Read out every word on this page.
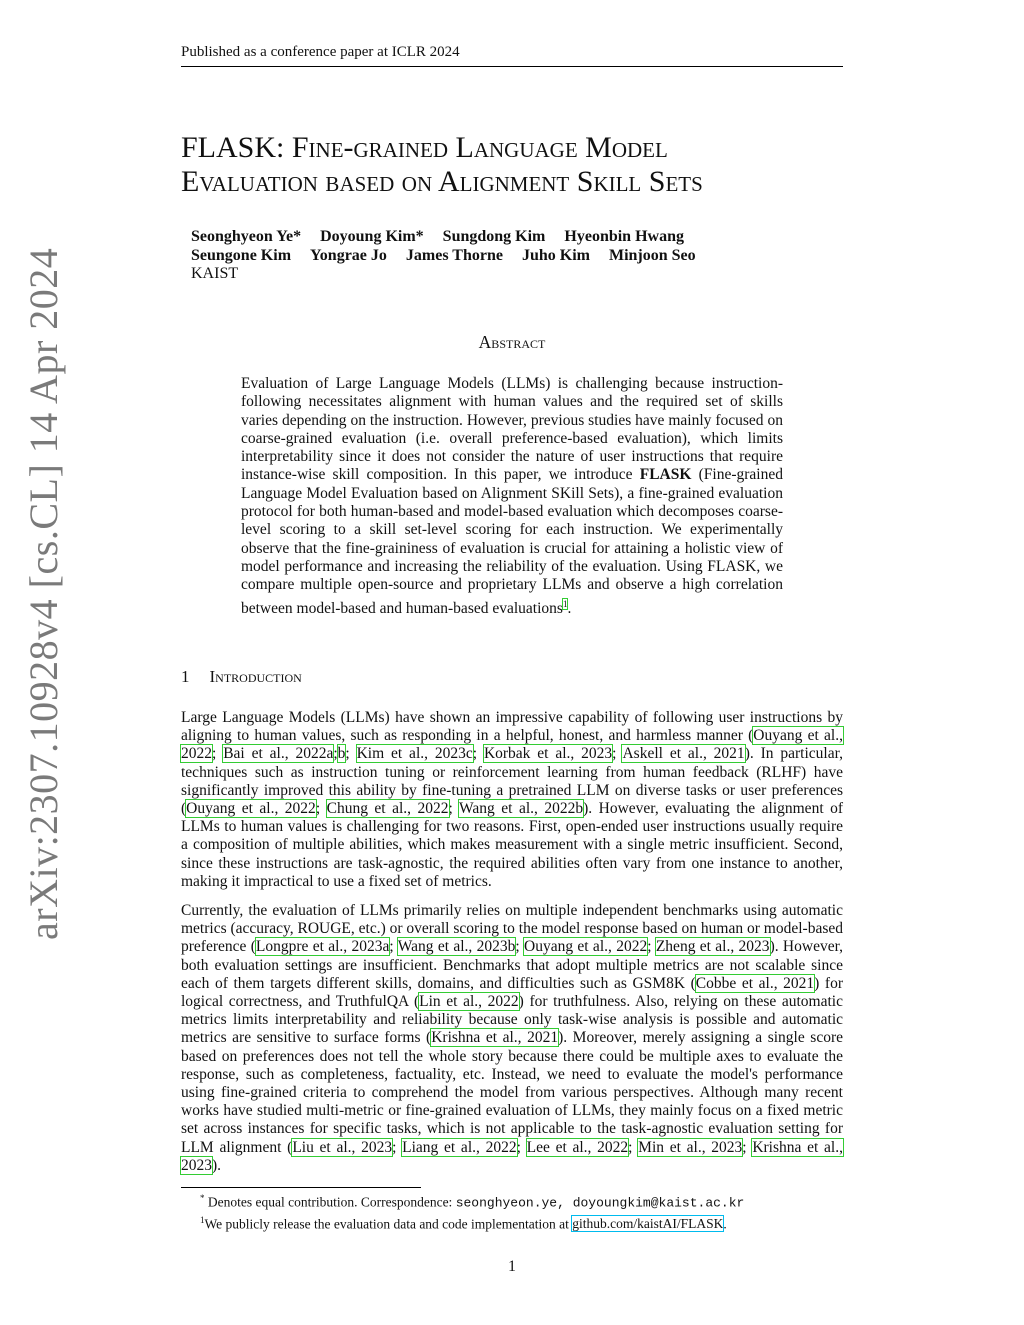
Published as a conference paper at ICLR 2024
arXiv:2307.10928v4 [cs.CL] 14 Apr 2024
FLASK: Fine-grained Language Model
Evaluation based on Alignment Skill Sets
Seonghyeon Ye* Doyoung Kim* Sungdong Kim Hyeonbin Hwang
Seungone Kim Yongrae Jo James Thorne Juho Kim Minjoon Seo
KAIST
Abstract
Evaluation of Large Language Models (LLMs) is challenging because instruction-following necessitates alignment with human values and the required set of skills varies depending on the instruction. However, previous studies have mainly focused on coarse-grained evaluation (i.e. overall preference-based evaluation), which limits interpretability since it does not consider the nature of user instructions that require instance-wise skill composition. In this paper, we introduce FLASK (Fine-grained Language Model Evaluation based on Alignment SKill Sets), a fine-grained evaluation protocol for both human-based and model-based evaluation which decomposes coarse-level scoring to a skill set-level scoring for each instruction. We experimentally observe that the fine-graininess of evaluation is crucial for attaining a holistic view of model performance and increasing the reliability of the evaluation. Using FLASK, we compare multiple open-source and proprietary LLMs and observe a high correlation between model-based and human-based evaluations$^1$.
1 Introduction
Large Language Models (LLMs) have shown an impressive capability of following user instructions by aligning to human values, such as responding in a helpful, honest, and harmless manner (Ouyang et al., 2022; Bai et al., 2022a;b; Kim et al., 2023c; Korbak et al., 2023; Askell et al., 2021). In particular, techniques such as instruction tuning or reinforcement learning from human feedback (RLHF) have significantly improved this ability by fine-tuning a pretrained LLM on diverse tasks or user preferences (Ouyang et al., 2022; Chung et al., 2022; Wang et al., 2022b). However, evaluating the alignment of LLMs to human values is challenging for two reasons. First, open-ended user instructions usually require a composition of multiple abilities, which makes measurement with a single metric insufficient. Second, since these instructions are task-agnostic, the required abilities often vary from one instance to another, making it impractical to use a fixed set of metrics.
Currently, the evaluation of LLMs primarily relies on multiple independent benchmarks using automatic metrics (accuracy, ROUGE, etc.) or overall scoring to the model response based on human or model-based preference (Longpre et al., 2023a; Wang et al., 2023b; Ouyang et al., 2022; Zheng et al., 2023). However, both evaluation settings are insufficient. Benchmarks that adopt multiple metrics are not scalable since each of them targets different skills, domains, and difficulties such as GSM8K (Cobbe et al., 2021) for logical correctness, and TruthfulQA (Lin et al., 2022) for truthfulness. Also, relying on these automatic metrics limits interpretability and reliability because only task-wise analysis is possible and automatic metrics are sensitive to surface forms (Krishna et al., 2021). Moreover, merely assigning a single score based on preferences does not tell the whole story because there could be multiple axes to evaluate the response, such as completeness, factuality, etc. Instead, we need to evaluate the model's performance using fine-grained criteria to comprehend the model from various perspectives. Although many recent works have studied multi-metric or fine-grained evaluation of LLMs, they mainly focus on a fixed metric set across instances for specific tasks, which is not applicable to the task-agnostic evaluation setting for LLM alignment (Liu et al., 2023; Liang et al., 2022; Lee et al., 2022; Min et al., 2023; Krishna et al., 2023).
* Denotes equal contribution. Correspondence: seonghyeon.ye, doyoungkim@kaist.ac.kr
$^1$We publicly release the evaluation data and code implementation at github.com/kaistAI/FLASK.
1
